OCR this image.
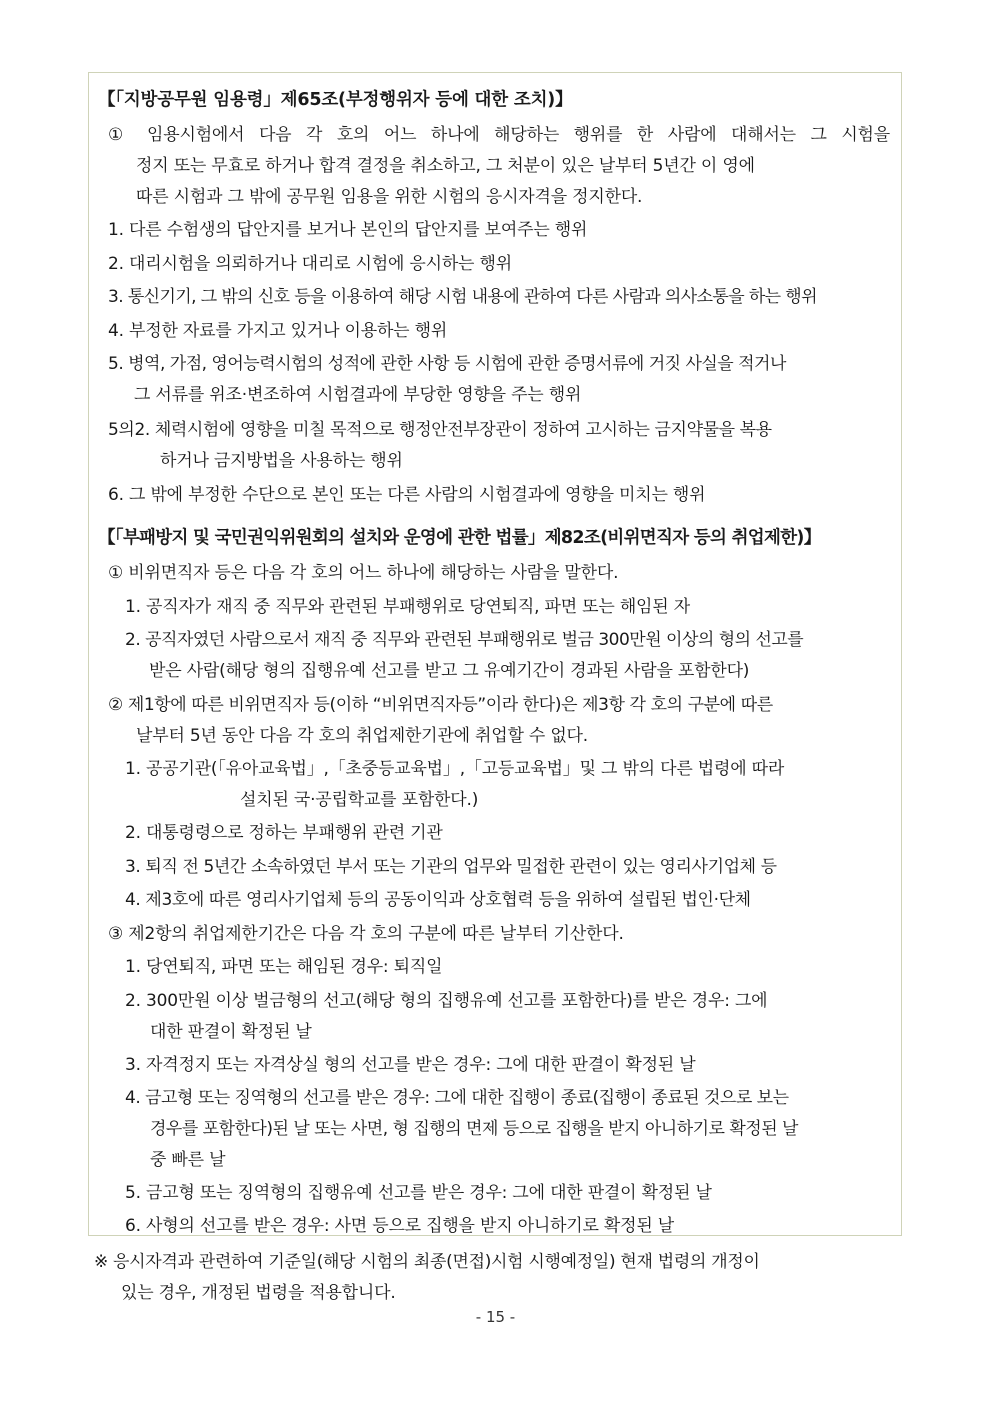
【「지방공무원 임용령」제65조(부정행위자 등에 대한 조치)】
① 임용시험에서 다음 각 호의 어느 하나에 해당하는 행위를 한 사람에 대해서는 그 시험을
정지 또는 무효로 하거나 합격 결정을 취소하고, 그 처분이 있은 날부터 5년간 이 영에
따른 시험과 그 밖에 공무원 임용을 위한 시험의 응시자격을 정지한다.
1. 다른 수험생의 답안지를 보거나 본인의 답안지를 보여주는 행위
2. 대리시험을 의뢰하거나 대리로 시험에 응시하는 행위
3. 통신기기, 그 밖의 신호 등을 이용하여 해당 시험 내용에 관하여 다른 사람과 의사소통을 하는 행위
4. 부정한 자료를 가지고 있거나 이용하는 행위
5. 병역, 가점, 영어능력시험의 성적에 관한 사항 등 시험에 관한 증명서류에 거짓 사실을 적거나
그 서류를 위조·변조하여 시험결과에 부당한 영향을 주는 행위
5의2. 체력시험에 영향을 미칠 목적으로 행정안전부장관이 정하여 고시하는 금지약물을 복용
하거나 금지방법을 사용하는 행위
6. 그 밖에 부정한 수단으로 본인 또는 다른 사람의 시험결과에 영향을 미치는 행위
【「부패방지 및 국민권익위원회의 설치와 운영에 관한 법률」제82조(비위면직자 등의 취업제한)】
① 비위면직자 등은 다음 각 호의 어느 하나에 해당하는 사람을 말한다.
1. 공직자가 재직 중 직무와 관련된 부패행위로 당연퇴직, 파면 또는 해임된 자
2. 공직자였던 사람으로서 재직 중 직무와 관련된 부패행위로 벌금 300만원 이상의 형의 선고를
받은 사람(해당 형의 집행유예 선고를 받고 그 유예기간이 경과된 사람을 포함한다)
② 제1항에 따른 비위면직자 등(이하 “비위면직자등”이라 한다)은 제3항 각 호의 구분에 따른
날부터 5년 동안 다음 각 호의 취업제한기관에 취업할 수 없다.
1. 공공기관(「유아교육법」,「초중등교육법」,「고등교육법」및 그 밖의 다른 법령에 따라
설치된 국·공립학교를 포함한다.)
2. 대통령령으로 정하는 부패행위 관련 기관
3. 퇴직 전 5년간 소속하였던 부서 또는 기관의 업무와 밀접한 관련이 있는 영리사기업체 등
4. 제3호에 따른 영리사기업체 등의 공동이익과 상호협력 등을 위하여 설립된 법인·단체
③ 제2항의 취업제한기간은 다음 각 호의 구분에 따른 날부터 기산한다.
1. 당연퇴직, 파면 또는 해임된 경우: 퇴직일
2. 300만원 이상 벌금형의 선고(해당 형의 집행유예 선고를 포함한다)를 받은 경우: 그에
대한 판결이 확정된 날
3. 자격정지 또는 자격상실 형의 선고를 받은 경우: 그에 대한 판결이 확정된 날
4. 금고형 또는 징역형의 선고를 받은 경우: 그에 대한 집행이 종료(집행이 종료된 것으로 보는
경우를 포함한다)된 날 또는 사면, 형 집행의 면제 등으로 집행을 받지 아니하기로 확정된 날
중 빠른 날
5. 금고형 또는 징역형의 집행유예 선고를 받은 경우: 그에 대한 판결이 확정된 날
6. 사형의 선고를 받은 경우: 사면 등으로 집행을 받지 아니하기로 확정된 날
※ 응시자격과 관련하여 기준일(해당 시험의 최종(면접)시험 시행예정일) 현재 법령의 개정이
있는 경우, 개정된 법령을 적용합니다.
- 15 -
